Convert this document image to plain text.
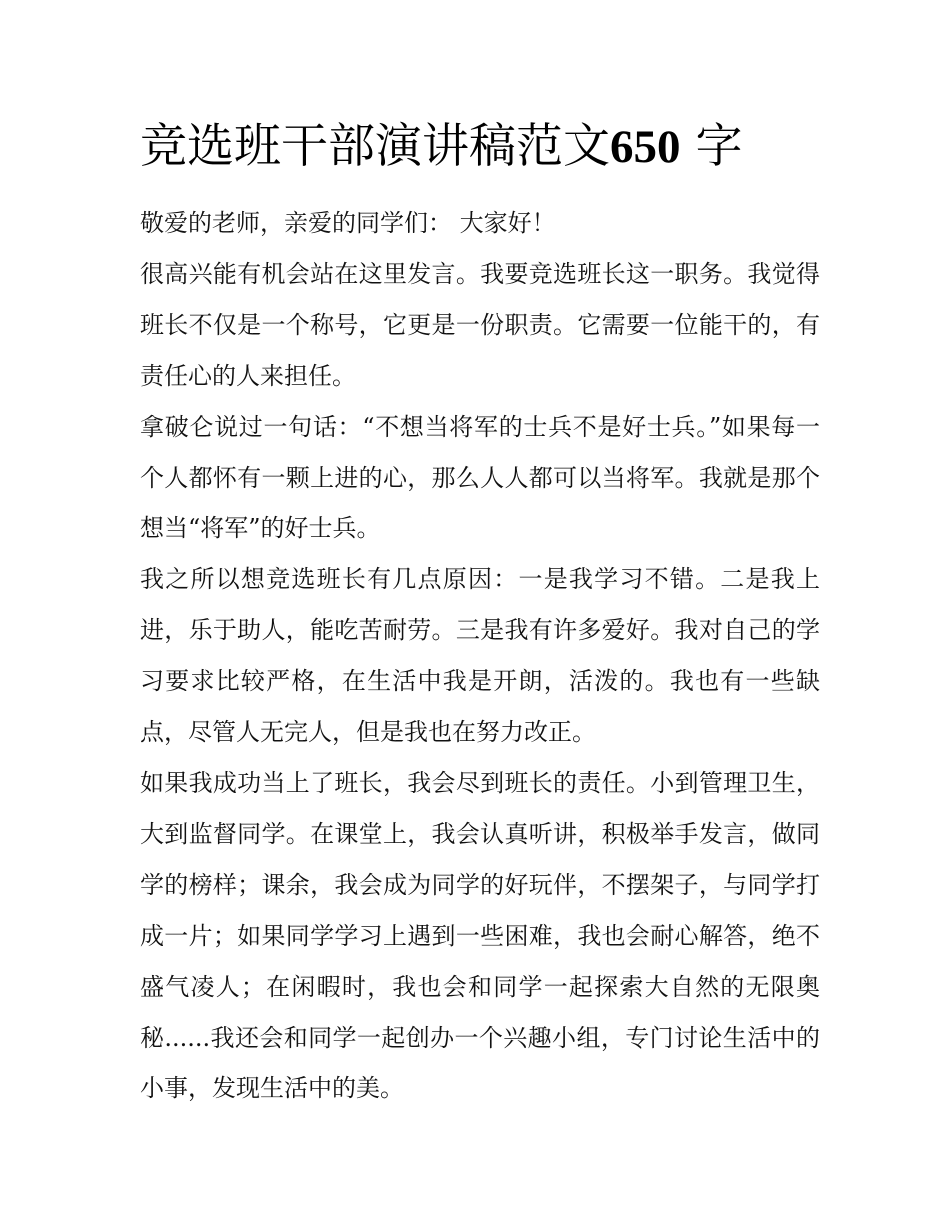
竞选班干部演讲稿范文650 字

敬爱的老师，亲爱的同学们： 大家好！

很高兴能有机会站在这里发言。我要竞选班长这一职务。我觉得班长不仅是一个称号，它更是一份职责。它需要一位能干的，有责任心的人来担任。

拿破仑说过一句话：“不想当将军的士兵不是好士兵。”如果每一个人都怀有一颗上进的心，那么人人都可以当将军。我就是那个想当“将军”的好士兵。

我之所以想竞选班长有几点原因：一是我学习不错。二是我上进，乐于助人，能吃苦耐劳。三是我有许多爱好。我对自己的学习要求比较严格，在生活中我是开朗，活泼的。我也有一些缺点，尽管人无完人，但是我也在努力改正。

如果我成功当上了班长，我会尽到班长的责任。小到管理卫生，大到监督同学。在课堂上，我会认真听讲，积极举手发言，做同学的榜样；课余，我会成为同学的好玩伴，不摆架子，与同学打成一片；如果同学学习上遇到一些困难，我也会耐心解答，绝不盛气凌人；在闲暇时，我也会和同学一起探索大自然的无限奥秘......我还会和同学一起创办一个兴趣小组，专门讨论生活中的小事，发现生活中的美。
